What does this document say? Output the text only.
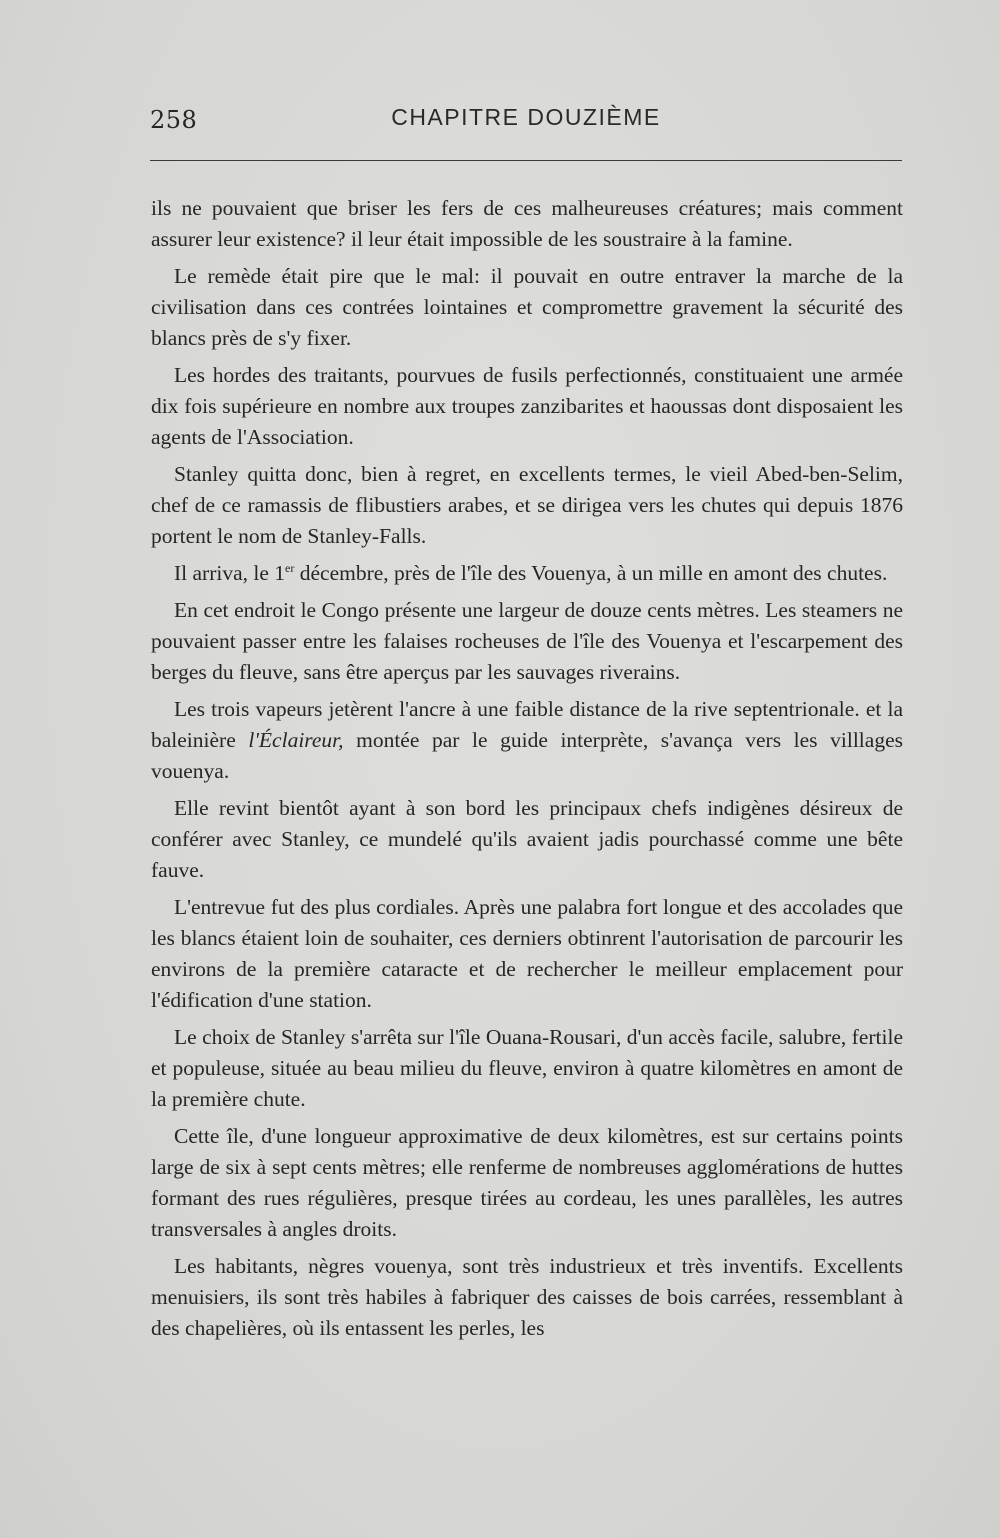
258	CHAPITRE DOUZIÈME

ils ne pouvaient que briser les fers de ces malheureuses créatures; mais comment assurer leur existence? il leur était impossible de les soustraire à la famine.

Le remède était pire que le mal: il pouvait en outre entraver la marche de la civilisation dans ces contrées lointaines et compromettre gravement la sécurité des blancs près de s'y fixer.

Les hordes des traitants, pourvues de fusils perfectionnés, constituaient une armée dix fois supérieure en nombre aux troupes zanzibarites et haoussas dont disposaient les agents de l'Association.

Stanley quitta donc, bien à regret, en excellents termes, le vieil Abed-ben-Selim, chef de ce ramassis de flibustiers arabes, et se dirigea vers les chutes qui depuis 1876 portent le nom de Stanley-Falls.

Il arriva, le 1er décembre, près de l'île des Vouenya, à un mille en amont des chutes.

En cet endroit le Congo présente une largeur de douze cents mètres. Les steamers ne pouvaient passer entre les falaises rocheuses de l'île des Vouenya et l'escarpement des berges du fleuve, sans être aperçus par les sauvages riverains.

Les trois vapeurs jetèrent l'ancre à une faible distance de la rive septentrionale. et la baleinière l'Éclaireur, montée par le guide interprète, s'avança vers les villlages vouenya.

Elle revint bientôt ayant à son bord les principaux chefs indigènes désireux de conférer avec Stanley, ce mundelé qu'ils avaient jadis pourchassé comme une bête fauve.

L'entrevue fut des plus cordiales. Après une palabra fort longue et des accolades que les blancs étaient loin de souhaiter, ces derniers obtinrent l'autorisation de parcourir les environs de la première cataracte et de rechercher le meilleur emplacement pour l'édification d'une station.

Le choix de Stanley s'arrêta sur l'île Ouana-Rousari, d'un accès facile, salubre, fertile et populeuse, située au beau milieu du fleuve, environ à quatre kilomètres en amont de la première chute.

Cette île, d'une longueur approximative de deux kilomètres, est sur certains points large de six à sept cents mètres; elle renferme de nombreuses agglomérations de huttes formant des rues régulières, presque tirées au cordeau, les unes parallèles, les autres transversales à angles droits.

Les habitants, nègres vouenya, sont très industrieux et très inventifs. Excellents menuisiers, ils sont très habiles à fabriquer des caisses de bois carrées, ressemblant à des chapelières, où ils entassent les perles, les
